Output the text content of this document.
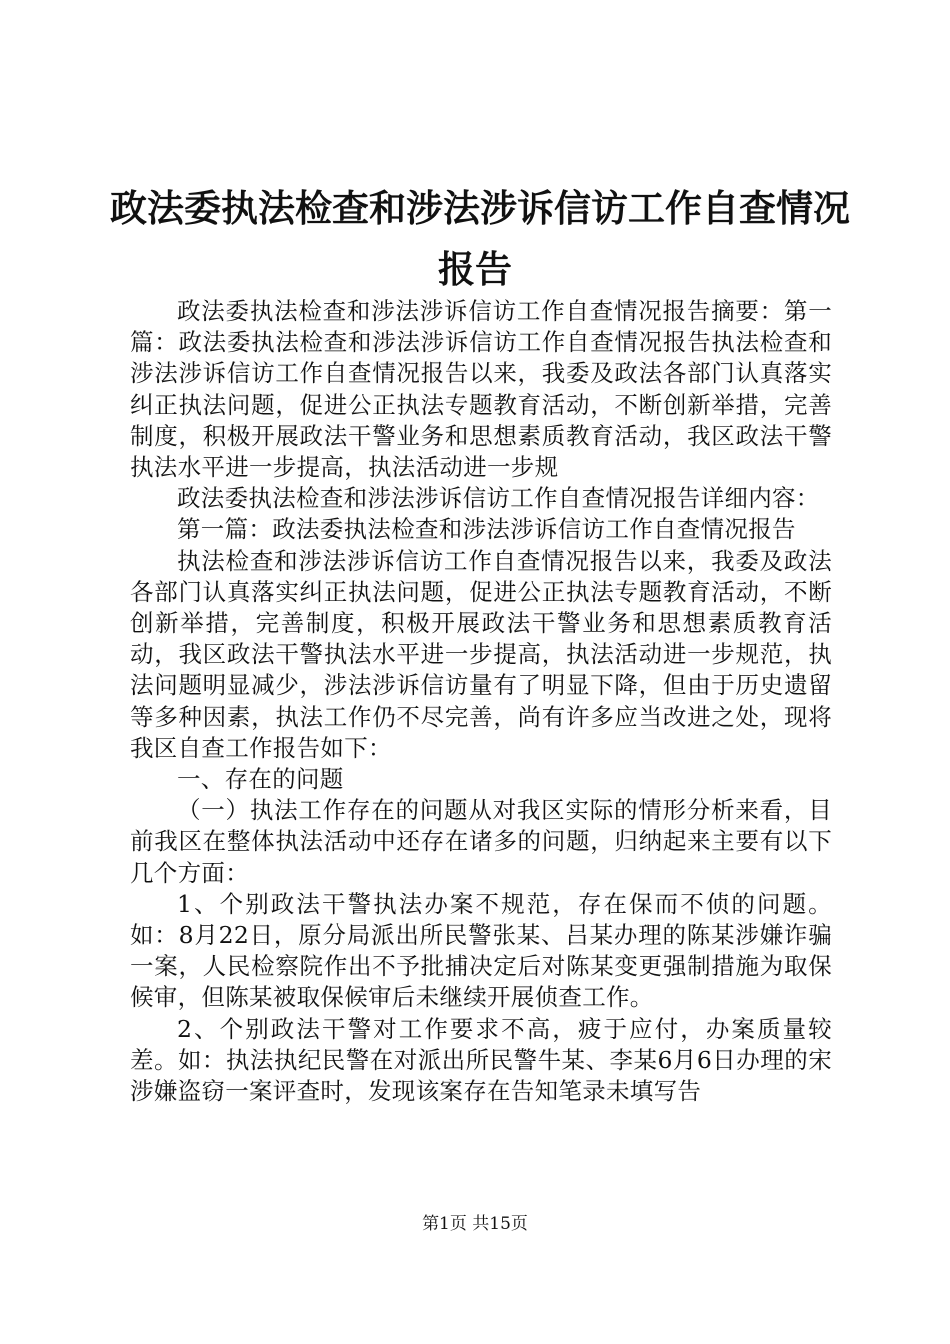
政法委执法检查和涉法涉诉信访工作自查情况
报告

政法委执法检查和涉法涉诉信访工作自查情况报告摘要：第一篇：政法委执法检查和涉法涉诉信访工作自查情况报告执法检查和涉法涉诉信访工作自查情况报告以来，我委及政法各部门认真落实纠正执法问题，促进公正执法专题教育活动，不断创新举措，完善制度，积极开展政法干警业务和思想素质教育活动，我区政法干警执法水平进一步提高，执法活动进一步规

政法委执法检查和涉法涉诉信访工作自查情况报告详细内容：

第一篇：政法委执法检查和涉法涉诉信访工作自查情况报告

执法检查和涉法涉诉信访工作自查情况报告以来，我委及政法各部门认真落实纠正执法问题，促进公正执法专题教育活动，不断创新举措，完善制度，积极开展政法干警业务和思想素质教育活动，我区政法干警执法水平进一步提高，执法活动进一步规范，执法问题明显减少，涉法涉诉信访量有了明显下降，但由于历史遗留等多种因素，执法工作仍不尽完善，尚有许多应当改进之处，现将我区自查工作报告如下：

一、存在的问题

（一）执法工作存在的问题从对我区实际的情形分析来看，目前我区在整体执法活动中还存在诸多的问题，归纳起来主要有以下几个方面：

1、个别政法干警执法办案不规范，存在保而不侦的问题。如：8月22日，原分局派出所民警张某、吕某办理的陈某涉嫌诈骗一案，人民检察院作出不予批捕决定后对陈某变更强制措施为取保候审，但陈某被取保候审后未继续开展侦查工作。

2、个别政法干警对工作要求不高，疲于应付，办案质量较差。如：执法执纪民警在对派出所民警牛某、李某6月6日办理的宋涉嫌盗窃一案评查时，发现该案存在告知笔录未填写告

第1页 共15页
